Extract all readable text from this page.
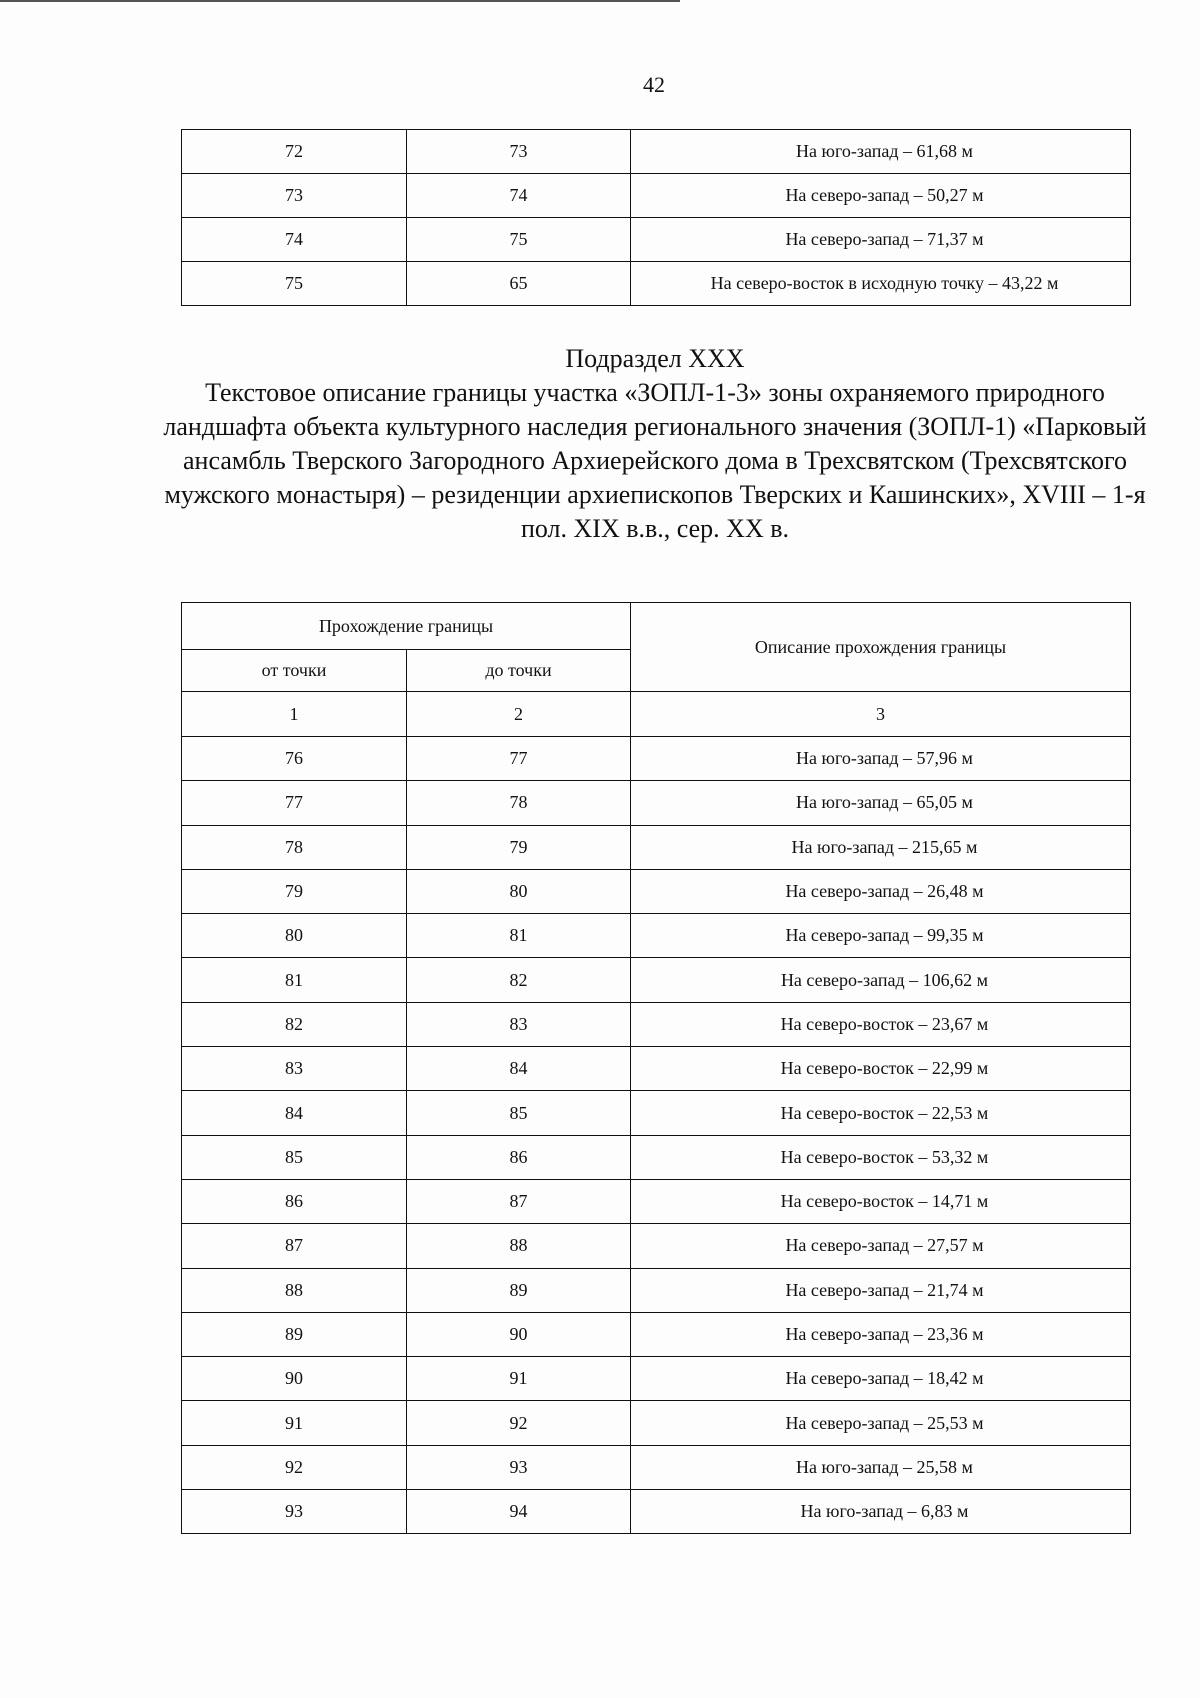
42
72	73	На юго-запад – 61,68 м
73	74	На северо-запад – 50,27 м
74	75	На северо-запад – 71,37 м
75	65	На северо-восток в исходную точку – 43,22 м
Подраздел XXX
Текстовое описание границы участка «ЗОПЛ-1-3» зоны охраняемого природного ландшафта объекта культурного наследия регионального значения (ЗОПЛ-1) «Парковый ансамбль Тверского Загородного Архиерейского дома в Трехсвятском (Трехсвятского мужского монастыря) – резиденции архиепископов Тверских и Кашинских», XVIII – 1-я пол. XIX в.в., сер. XX в.
Прохождение границы		Описание прохождения границы
от точки	до точки	
1	2	3
76	77	На юго-запад – 57,96 м
77	78	На юго-запад – 65,05 м
78	79	На юго-запад – 215,65 м
79	80	На северо-запад – 26,48 м
80	81	На северо-запад – 99,35 м
81	82	На северо-запад – 106,62 м
82	83	На северо-восток – 23,67 м
83	84	На северо-восток – 22,99 м
84	85	На северо-восток – 22,53 м
85	86	На северо-восток – 53,32 м
86	87	На северо-восток – 14,71 м
87	88	На северо-запад – 27,57 м
88	89	На северо-запад – 21,74 м
89	90	На северо-запад – 23,36 м
90	91	На северо-запад – 18,42 м
91	92	На северо-запад – 25,53 м
92	93	На юго-запад – 25,58 м
93	94	На юго-запад – 6,83 м
